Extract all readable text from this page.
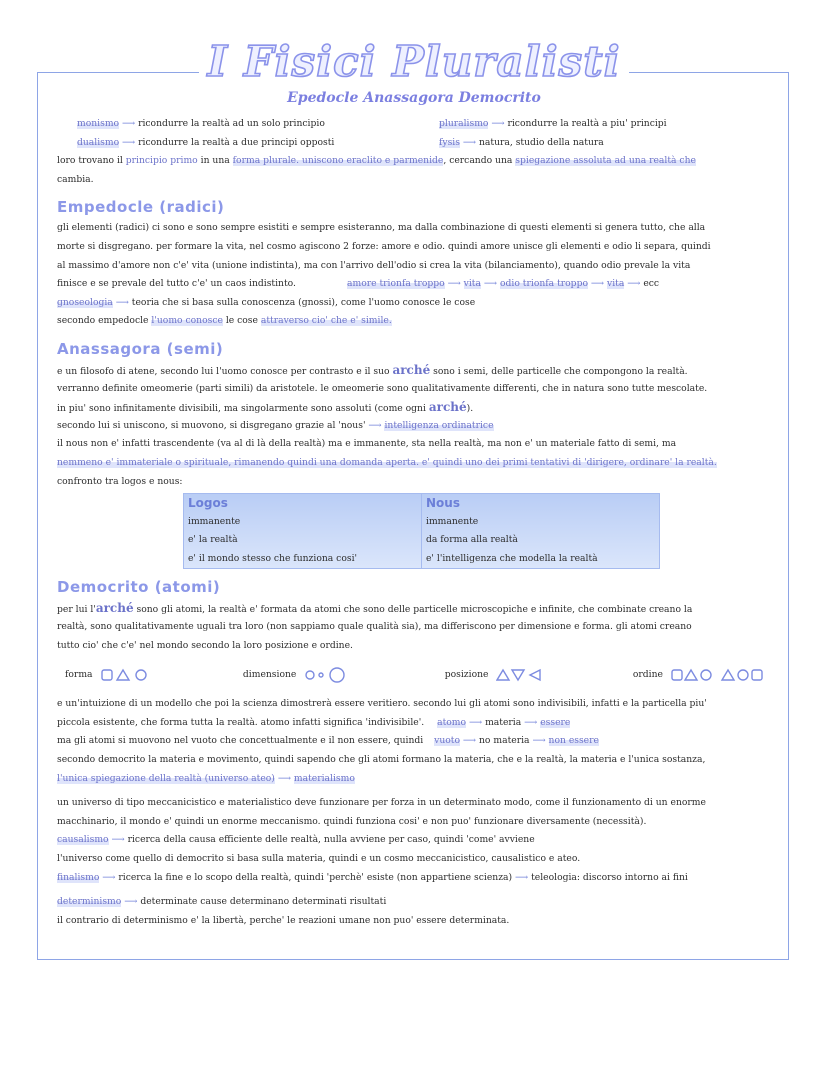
I Fisici Pluralisti
Epedocle Anassagora Democrito
monismo ⟶ ricondurre la realtà ad un solo principio	pluralismo ⟶ ricondurre la realtà a piu' principi
dualismo ⟶ ricondurre la realtà a due principi opposti	fysis ⟶ natura, studio della natura
loro trovano il principio primo in una forma plurale. uniscono eraclito e parmenide, cercando una spiegazione assoluta ad una realtà che
cambia.
Empedocle (radici)
gli elementi (radici) ci sono e sono sempre esistiti e sempre esisteranno, ma dalla combinazione di questi elementi si genera tutto, che alla
morte si disgregano. per formare la vita, nel cosmo agiscono 2 forze: amore e odio. quindi amore unisce gli elementi e odio li separa, quindi
al massimo d'amore non c'e' vita (unione indistinta), ma con l'arrivo dell'odio si crea la vita (bilanciamento), quando odio prevale la vita
finisce e se prevale del tutto c'e' un caos indistinto.	amore trionfa troppo ⟶ vita ⟶ odio trionfa troppo ⟶ vita ⟶ ecc
gnoseologia ⟶ teoria che si basa sulla conoscenza (gnossi), come l'uomo conosce le cose
secondo empedocle l'uomo conosce le cose attraverso cio' che e' simile.
Anassagora (semi)
e un filosofo di atene, secondo lui l'uomo conosce per contrasto e il suo arché sono i semi, delle particelle che compongono la realtà.
verranno definite omeomerie (parti simili) da aristotele. le omeomerie sono qualitativamente differenti, che in natura sono tutte mescolate.
in piu' sono infinitamente divisibili, ma singolarmente sono assoluti (come ogni arché).
secondo lui si uniscono, si muovono, si disgregano grazie al 'nous' ⟶ intelligenza ordinatrice
il nous non e' infatti trascendente (va al di là della realtà) ma e immanente, sta nella realtà, ma non e' un materiale fatto di semi, ma
nemmeno e' immateriale o spirituale, rimanendo quindi una domanda aperta. e' quindi uno dei primi tentativi di 'dirigere, ordinare' la realtà.
confronto tra logos e nous:
Logos	Nous
immanente	immanente
e' la realtà	da forma alla realtà
e' il mondo stesso che funziona cosi'	e' l'intelligenza che modella la realtà
Democrito (atomi)
per lui l'arché sono gli atomi, la realtà e' formata da atomi che sono delle particelle microscopiche e infinite, che combinate creano la
realtà, sono qualitativamente uguali tra loro (non sappiamo quale qualità sia), ma differiscono per dimensione e forma. gli atomi creano
tutto cio' che c'e' nel mondo secondo la loro posizione e ordine.
forma	dimensione	posizione	ordine
e un'intuizione di un modello che poi la scienza dimostrerà essere veritiero. secondo lui gli atomi sono indivisibili, infatti e la particella piu'
piccola esistente, che forma tutta la realtà. atomo infatti significa 'indivisibile'. atomo ⟶ materia ⟶ essere
ma gli atomi si muovono nel vuoto che concettualmente e il non essere, quindi vuoto ⟶ no materia ⟶ non essere
secondo democrito la materia e movimento, quindi sapendo che gli atomi formano la materia, che e la realtà, la materia e l'unica sostanza,
l'unica spiegazione della realtà (universo ateo) ⟶ materialismo
un universo di tipo meccanicistico e materialistico deve funzionare per forza in un determinato modo, come il funzionamento di un enorme
macchinario, il mondo e' quindi un enorme meccanismo. quindi funziona cosi' e non puo' funzionare diversamente (necessità).
causalismo ⟶ ricerca della causa efficiente delle realtà, nulla avviene per caso, quindi 'come' avviene
l'universo come quello di democrito si basa sulla materia, quindi e un cosmo meccanicistico, causalistico e ateo.
finalismo ⟶ ricerca la fine e lo scopo della realtà, quindi 'perchè' esiste (non appartiene scienza) ⟶ teleologia: discorso intorno ai fini
determinismo ⟶ determinate cause determinano determinati risultati
il contrario di determinismo e' la libertà, perche' le reazioni umane non puo' essere determinata.
